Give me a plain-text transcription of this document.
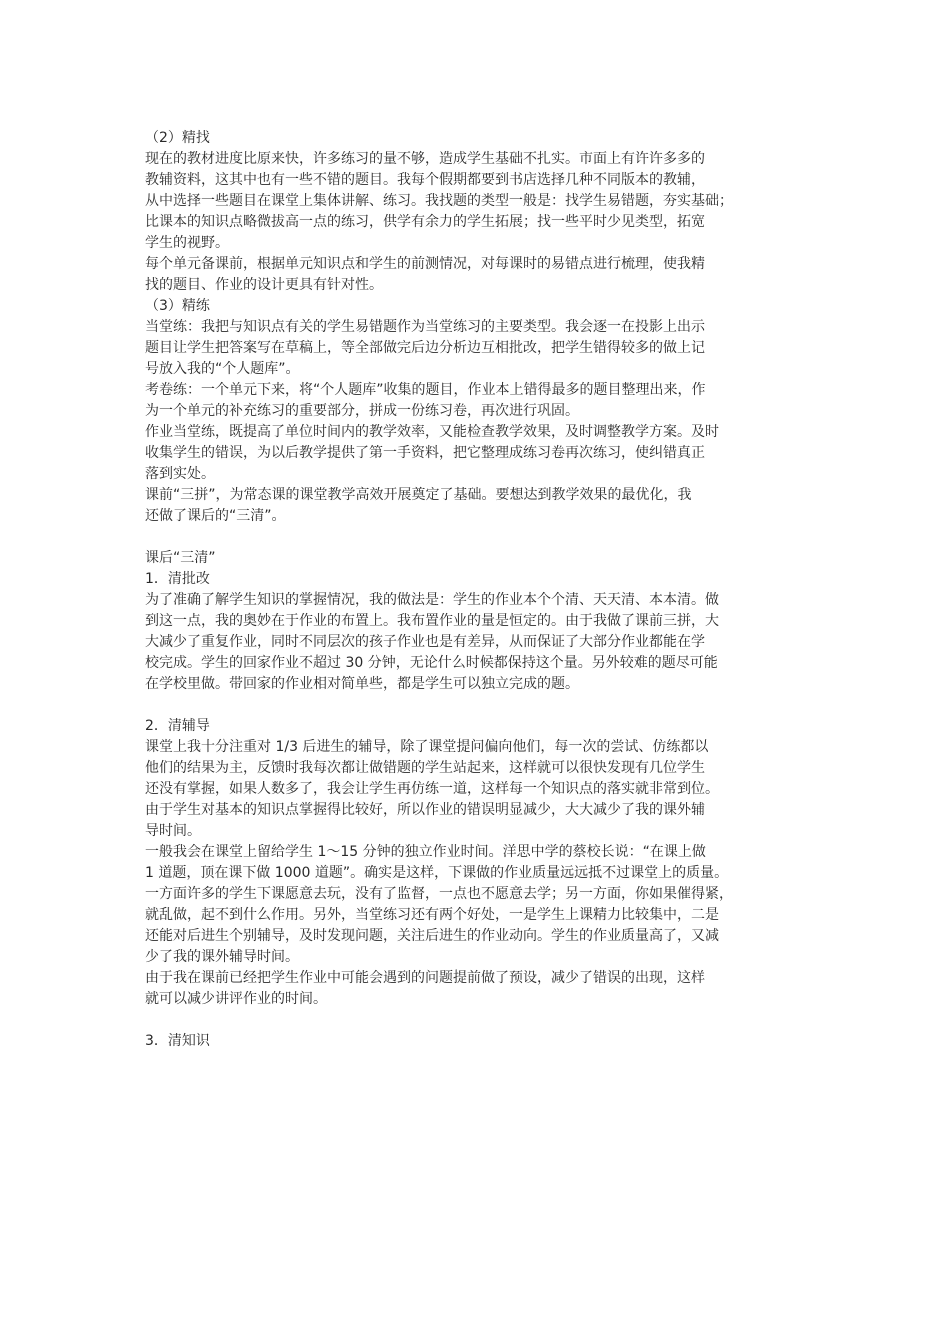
（2）精找
现在的教材进度比原来快，许多练习的量不够，造成学生基础不扎实。市面上有许许多多的
教辅资料，这其中也有一些不错的题目。我每个假期都要到书店选择几种不同版本的教辅，
从中选择一些题目在课堂上集体讲解、练习。我找题的类型一般是：找学生易错题，夯实基础；
比课本的知识点略微拔高一点的练习，供学有余力的学生拓展；找一些平时少见类型，拓宽
学生的视野。
每个单元备课前，根据单元知识点和学生的前测情况，对每课时的易错点进行梳理，使我精
找的题目、作业的设计更具有针对性。
（3）精练
当堂练：我把与知识点有关的学生易错题作为当堂练习的主要类型。我会逐一在投影上出示
题目让学生把答案写在草稿上，等全部做完后边分析边互相批改，把学生错得较多的做上记
号放入我的“个人题库”。
考卷练：一个单元下来，将“个人题库”收集的题目，作业本上错得最多的题目整理出来，作
为一个单元的补充练习的重要部分，拼成一份练习卷，再次进行巩固。
作业当堂练，既提高了单位时间内的教学效率，又能检查教学效果，及时调整教学方案。及时
收集学生的错误，为以后教学提供了第一手资料，把它整理成练习卷再次练习，使纠错真正
落到实处。
课前“三拼”，为常态课的课堂教学高效开展奠定了基础。要想达到教学效果的最优化，我
还做了课后的“三清”。
课后“三清”
1．清批改
为了准确了解学生知识的掌握情况，我的做法是：学生的作业本个个清、天天清、本本清。做
到这一点，我的奥妙在于作业的布置上。我布置作业的量是恒定的。由于我做了课前三拼，大
大减少了重复作业，同时不同层次的孩子作业也是有差异，从而保证了大部分作业都能在学
校完成。学生的回家作业不超过 30 分钟，无论什么时候都保持这个量。另外较难的题尽可能
在学校里做。带回家的作业相对简单些，都是学生可以独立完成的题。
2．清辅导
课堂上我十分注重对 1/3 后进生的辅导，除了课堂提问偏向他们，每一次的尝试、仿练都以
他们的结果为主，反馈时我每次都让做错题的学生站起来，这样就可以很快发现有几位学生
还没有掌握，如果人数多了，我会让学生再仿练一道，这样每一个知识点的落实就非常到位。
由于学生对基本的知识点掌握得比较好，所以作业的错误明显减少，大大减少了我的课外辅
导时间。
一般我会在课堂上留给学生 1～15 分钟的独立作业时间。洋思中学的蔡校长说：“在课上做
1 道题，顶在课下做 1000 道题”。确实是这样，下课做的作业质量远远抵不过课堂上的质量。
一方面许多的学生下课愿意去玩，没有了监督，一点也不愿意去学；另一方面，你如果催得紧，
就乱做，起不到什么作用。另外，当堂练习还有两个好处，一是学生上课精力比较集中，二是
还能对后进生个别辅导，及时发现问题，关注后进生的作业动向。学生的作业质量高了，又减
少了我的课外辅导时间。
由于我在课前已经把学生作业中可能会遇到的问题提前做了预设，减少了错误的出现，这样
就可以减少讲评作业的时间。
3．清知识
